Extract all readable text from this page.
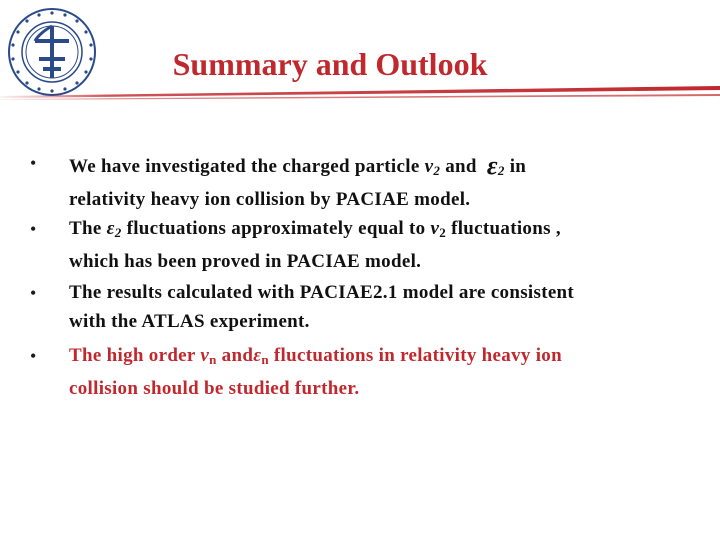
Summary and Outlook
•
•
•
•
We have investigated the charged particle $v_2$ and  $\varepsilon_2$ in
relativity heavy ion collision by PACIAE model.
The $\varepsilon_2$ fluctuations approximately equal to $v_2$ fluctuations ,
which has been proved in PACIAE model.
The results calculated with PACIAE2.1 model are consistent
with the ATLAS experiment.
The high order $v_n$ andε$_n$ fluctuations in relativity heavy ion
collision should be studied further.
